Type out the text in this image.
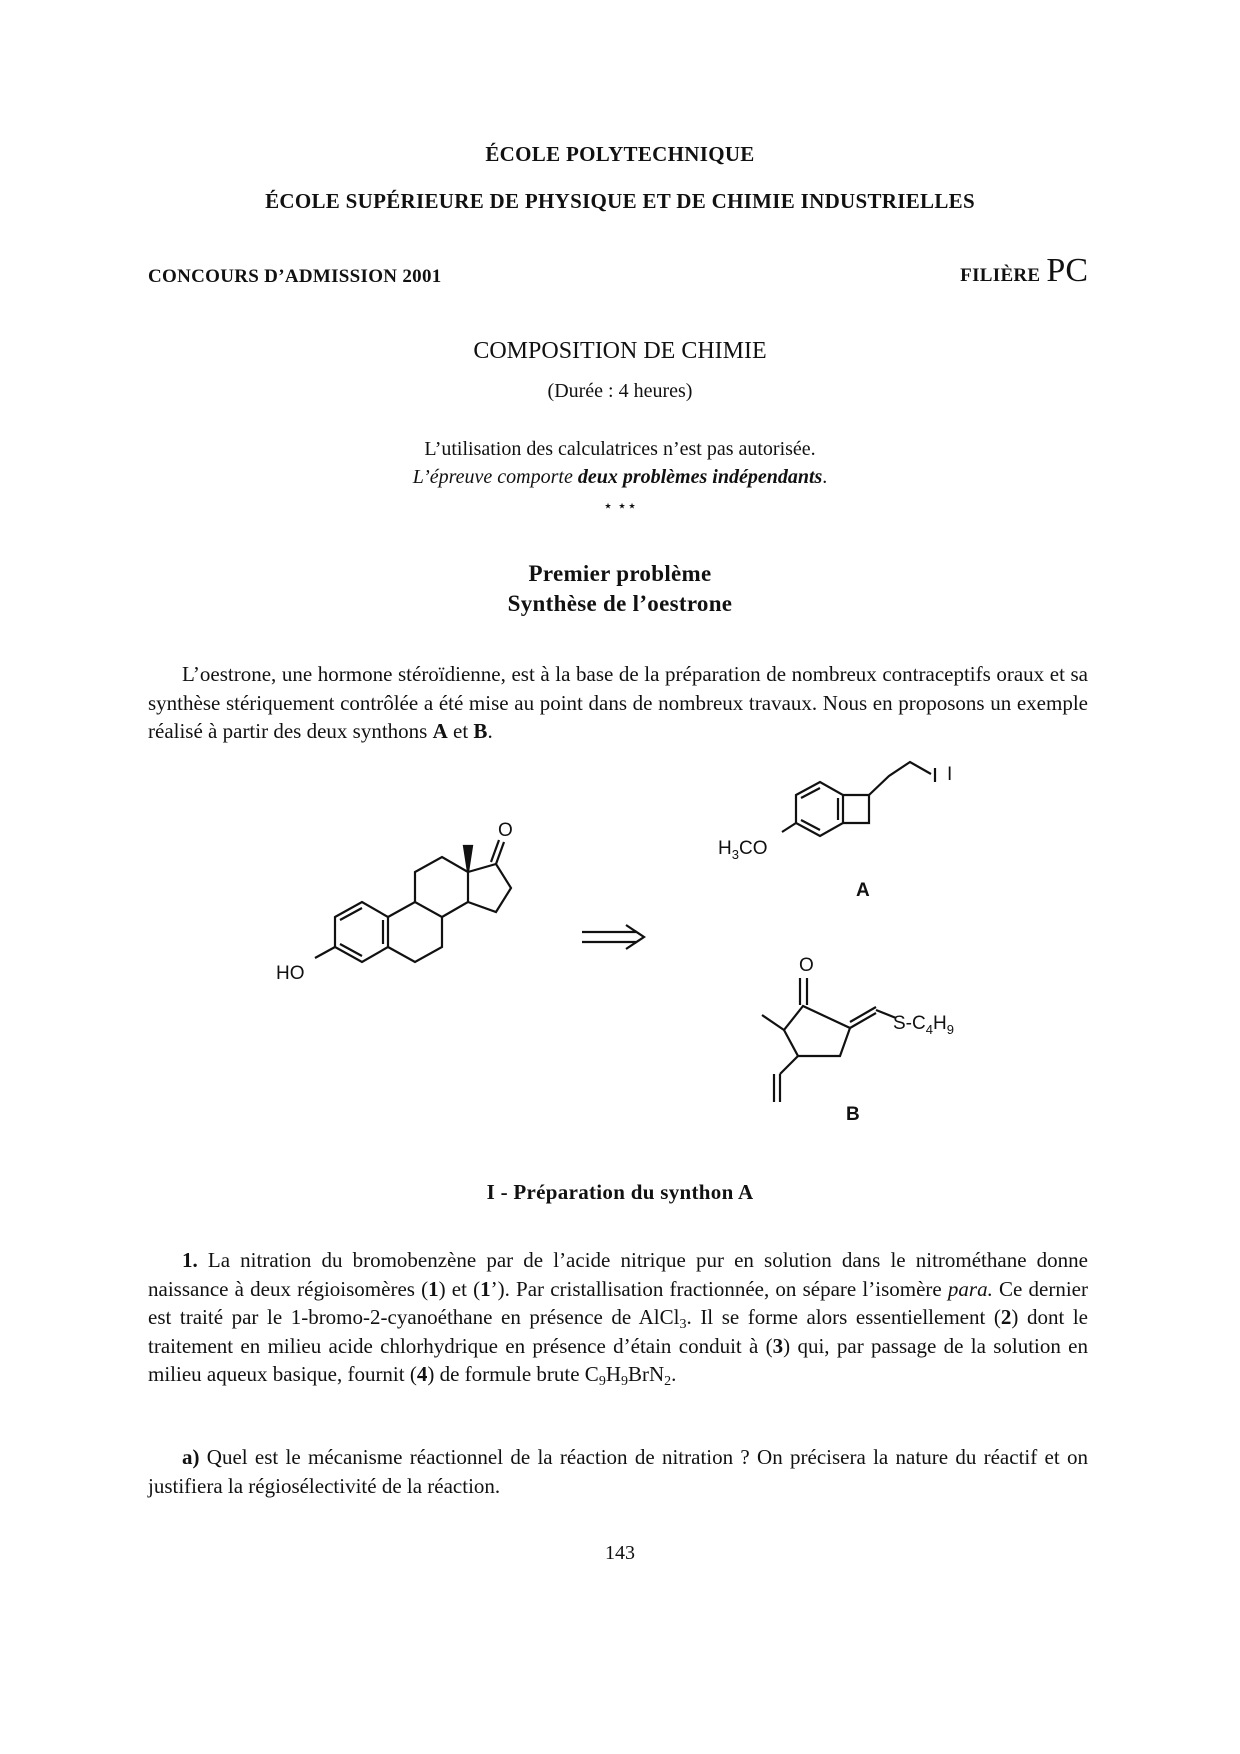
ÉCOLE POLYTECHNIQUE
ÉCOLE SUPÉRIEURE DE PHYSIQUE ET DE CHIMIE INDUSTRIELLES
CONCOURS D’ADMISSION 2001	FILIÈRE PC
COMPOSITION DE CHIMIE
(Durée : 4 heures)
L’utilisation des calculatrices n’est pas autorisée.
L’épreuve comporte deux problèmes indépendants.
⋆ ⋆⋆
Premier problème
Synthèse de l’oestrone
L’oestrone, une hormone stéroïdienne, est à la base de la préparation de nombreux contraceptifs oraux et sa synthèse stériquement contrôlée a été mise au point dans de nombreux travaux. Nous en proposons un exemple réalisé à partir des deux synthons A et B.
HO
O
I
$H_3CO$
A
O
$S-C_4H_9$
B
I - Préparation du synthon A
1. La nitration du bromobenzène par de l’acide nitrique pur en solution dans le nitrométhane donne naissance à deux régioisomères (1) et (1’). Par cristallisation fractionnée, on sépare l’isomère para. Ce dernier est traité par le 1-bromo-2-cyanoéthane en présence de AlCl$_3$. Il se forme alors essentiellement (2) dont le traitement en milieu acide chlorhydrique en présence d’étain conduit à (3) qui, par passage de la solution en milieu aqueux basique, fournit (4) de formule brute $C_9H_9BrN_2$.
a) Quel est le mécanisme réactionnel de la réaction de nitration ? On précisera la nature du réactif et on justifiera la régiosélectivité de la réaction.
143
